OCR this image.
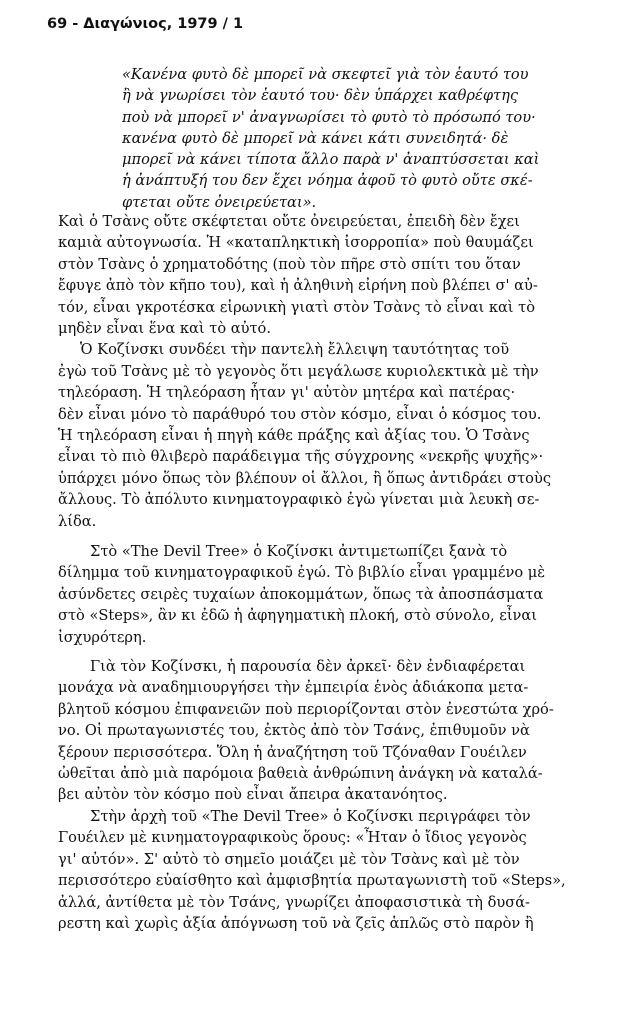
69 - Διαγώνιος, 1979 / 1
«Κανένα φυτὸ δὲ μπορεῖ νὰ σκεφτεῖ γιὰ τὸν ἑαυτό του
ἢ νὰ γνωρίσει τὸν ἑαυτό του· δὲν ὑπάρχει καθρέφτης
ποὺ νὰ μπορεῖ ν' ἀναγνωρίσει τὸ φυτὸ τὸ πρόσωπό του·
κανένα φυτὸ δὲ μπορεῖ νὰ κάνει κάτι συνειδητά· δὲ
μπορεῖ νὰ κάνει τίποτα ἄλλο παρὰ ν' ἀναπτύσσεται καὶ
ἡ ἀνάπτυξή του δεν ἔχει νόημα ἀφοῦ τὸ φυτὸ οὔτε σκέ-
φτεται οὔτε ὀνειρεύεται».
Καὶ ὁ Τσὰνς οὔτε σκέφτεται οὔτε ὀνειρεύεται, ἐπειδὴ δὲν ἔχει
καμιὰ αὐτογνωσία. Ἡ «καταπληκτικὴ ἰσορροπία» ποὺ θαυμάζει
στὸν Τσὰνς ὁ χρηματοδότης (ποὺ τὸν πῆρε στὸ σπίτι του ὅταν
ἔφυγε ἀπὸ τὸν κῆπο του), καὶ ἡ ἀληθινὴ εἰρήνη ποὺ βλέπει σ' αὐ-
τόν, εἶναι γκροτέσκα εἰρωνικὴ γιατὶ στὸν Τσὰνς τὸ εἶναι καὶ τὸ
μηδὲν εἶναι ἕνα καὶ τὸ αὐτό.
Ὁ Κοζίνσκι συνδέει τὴν παντελὴ ἔλλειψη ταυτότητας τοῦ
ἐγὼ τοῦ Τσὰνς μὲ τὸ γεγονὸς ὅτι μεγάλωσε κυριολεκτικὰ μὲ τὴν
τηλεόραση. Ἡ τηλεόραση ἦταν γι' αὐτὸν μητέρα καὶ πατέρας·
δὲν εἶναι μόνο τὸ παράθυρό του στὸν κόσμο, εἶναι ὁ κόσμος του.
Ἡ τηλεόραση εἶναι ἡ πηγὴ κάθε πράξης καὶ ἀξίας του. Ὁ Τσὰνς
εἶναι τὸ πιὸ θλιβερὸ παράδειγμα τῆς σύγχρονης «νεκρῆς ψυχῆς»·
ὑπάρχει μόνο ὅπως τὸν βλέπουν οἱ ἄλλοι, ἢ ὅπως ἀντιδράει στοὺς
ἄλλους. Τὸ ἀπόλυτο κινηματογραφικὸ ἐγὼ γίνεται μιὰ λευκὴ σε-
λίδα.
Στὸ «The Devil Tree» ὁ Κοζίνσκι ἀντιμετωπίζει ξανὰ τὸ
δίλημμα τοῦ κινηματογραφικοῦ ἐγώ. Τὸ βιβλίο εἶναι γραμμένο μὲ
ἀσύνδετες σειρὲς τυχαίων ἀποκομμάτων, ὅπως τὰ ἀποσπάσματα
στὸ «Steps», ἂν κι ἐδῶ ἡ ἀφηγηματικὴ πλοκή, στὸ σύνολο, εἶναι
ἰσχυρότερη.
Γιὰ τὸν Κοζίνσκι, ἡ παρουσία δὲν ἀρκεῖ· δὲν ἐνδιαφέρεται
μονάχα νὰ αναδημιουργήσει τὴν ἐμπειρία ἑνὸς ἀδιάκοπα μετα-
βλητοῦ κόσμου ἐπιφανειῶν ποὺ περιορίζονται στὸν ἐνεστώτα χρό-
νο. Οἱ πρωταγωνιστές του, ἐκτὸς ἀπὸ τὸν Τσάνς, ἐπιθυμοῦν νὰ
ξέρουν περισσότερα. Ὅλη ἡ ἀναζήτηση τοῦ Τζόναθαν Γουέιλεν
ὠθεῖται ἀπὸ μιὰ παρόμοια βαθειὰ ἀνθρώπινη ἀνάγκη νὰ καταλά-
βει αὐτὸν τὸν κόσμο ποὺ εἶναι ἄπειρα ἀκατανόητος.
Στὴν ἀρχὴ τοῦ «The Devil Tree» ὁ Κοζίνσκι περιγράφει τὸν
Γουέιλεν μὲ κινηματογραφικοὺς ὅρους: «Ἦταν ὁ ἴδιος γεγονὸς
γι' αὐτόν». Σ' αὐτὸ τὸ σημεῖο μοιάζει μὲ τὸν Τσὰνς καὶ μὲ τὸν
περισσότερο εὐαίσθητο καὶ ἀμφισβητία πρωταγωνιστὴ τοῦ «Steps»,
ἀλλά, ἀντίθετα μὲ τὸν Τσάνς, γνωρίζει ἀποφασιστικὰ τὴ δυσά-
ρεστη καὶ χωρὶς ἀξία ἀπόγνωση τοῦ νὰ ζεῖς ἁπλῶς στὸ παρὸν ἢ
